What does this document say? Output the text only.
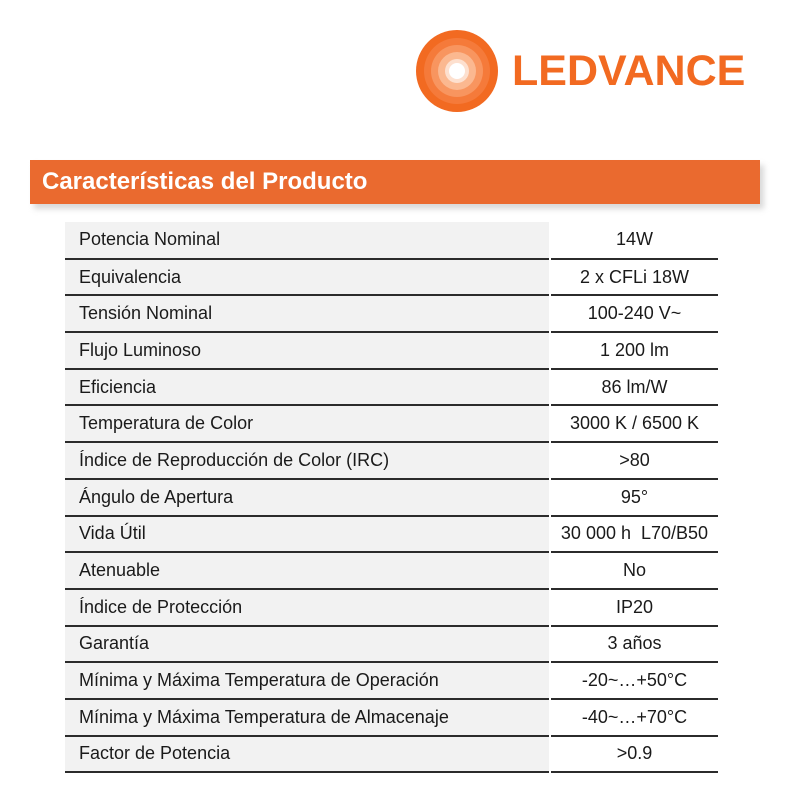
LEDVANCE
Características del Producto
Potencia Nominal	14W
Equivalencia	2 x CFLi 18W
Tensión Nominal	100-240 V~
Flujo Luminoso	1 200 lm
Eficiencia	86 lm/W
Temperatura de Color	3000 K / 6500 K
Índice de Reproducción de Color (IRC)	>80
Ángulo de Apertura	95°
Vida Útil	30 000 h  L70/B50
Atenuable	No
Índice de Protección	IP20
Garantía	3 años
Mínima y Máxima Temperatura de Operación	-20~…+50°C
Mínima y Máxima Temperatura de Almacenaje	-40~…+70°C
Factor de Potencia	>0.9
